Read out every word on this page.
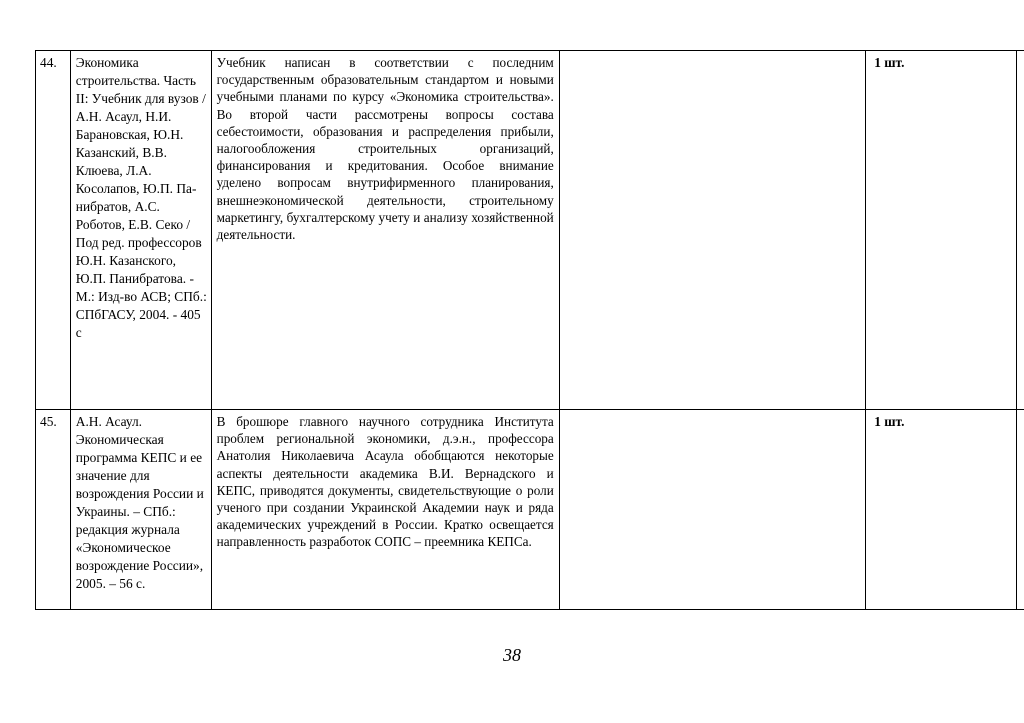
44.	Экономика строительства. Часть II: Учебник для вузов / А.Н. Асаул, Н.И. Барановская, Ю.Н. Казанский, В.В. Клюева, Л.А. Косолапов, Ю.П. Па-нибратов, А.С. Роботов, Е.В. Секо / Под ред. профессоров Ю.Н. Казанского, Ю.П. Панибратова. - М.: Изд-во АСВ; СПб.: СПбГАСУ, 2004. - 405 с
Учебник написан в соответствии с последним государственным образовательным стандартом и новыми учебными планами по курсу «Экономика строительства». Во второй части рассмотрены вопросы состава себестоимости, образования и распределения прибыли, налогообложения строительных организаций, финансирования и кредитования. Особое внимание уделено вопросам внутрифирменного планирования, внешнеэкономической деятельности, строительному маркетингу, бухгалтерскому учету и анализу хозяйственной деятельности.
1 шт.
45.	А.Н. Асаул. Экономическая программа КЕПС и ее значение для возрождения России и Украины. – СПб.: редакция журнала «Экономическое возрождение России», 2005. – 56 с.
В брошюре главного научного сотрудника Института проблем региональной экономики, д.э.н., профессора Анатолия Николаевича Асаула обобщаются некоторые аспекты деятельности академика В.И. Вернадского и КЕПС, приводятся документы, свидетельствующие о роли ученого при создании Украинской Академии наук и ряда академических учреждений в России. Кратко освещается направленность разработок СОПС – преемника КЕПСа.
1 шт.
38
